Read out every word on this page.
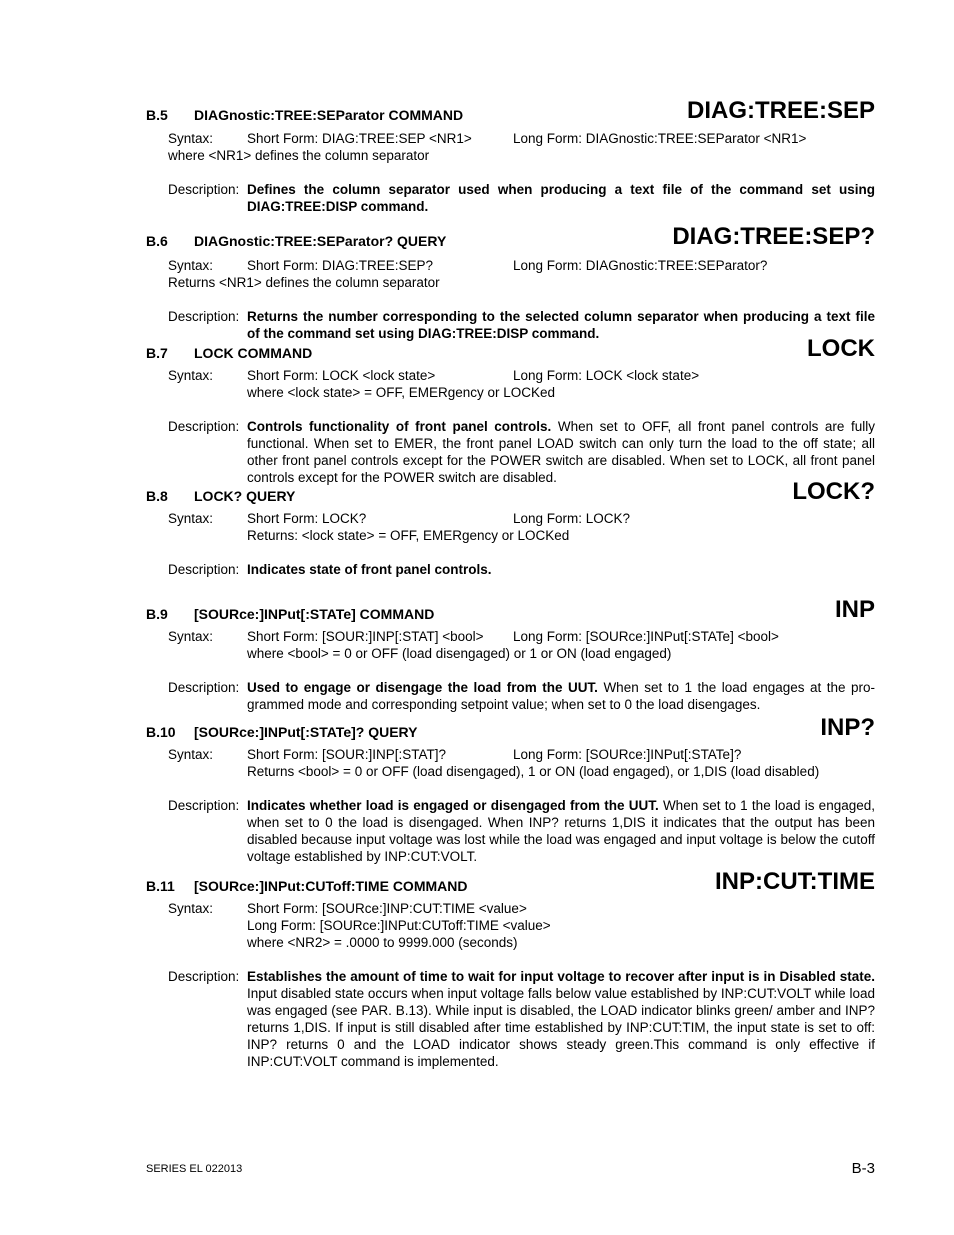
B.5 DIAGnostic:TREE:SEParator COMMAND	DIAG:TREE:SEP
Syntax:	Short Form: DIAG:TREE:SEP <NR1>	Long Form: DIAGnostic:TREE:SEParator <NR1>
where <NR1> defines the column separator
Description: Defines the column separator used when producing a text file of the command set using DIAG:TREE:DISP command.
B.6 DIAGnostic:TREE:SEParator? QUERY	DIAG:TREE:SEP?
Syntax:	Short Form: DIAG:TREE:SEP?	Long Form: DIAGnostic:TREE:SEParator?
Returns <NR1> defines the column separator
Description: Returns the number corresponding to the selected column separator when producing a text file of the command set using DIAG:TREE:DISP command.
B.7 LOCK COMMAND	LOCK
Syntax:	Short Form: LOCK <lock state>	Long Form: LOCK <lock state>
where <lock state> = OFF, EMERgency or LOCKed
Description: Controls functionality of front panel controls. When set to OFF, all front panel controls are fully functional. When set to EMER, the front panel LOAD switch can only turn the load to the off state; all other front panel controls except for the POWER switch are disabled. When set to LOCK, all front panel controls except for the POWER switch are disabled.
B.8 LOCK? QUERY	LOCK?
Syntax:	Short Form: LOCK?	Long Form: LOCK?
Returns: <lock state> = OFF, EMERgency or LOCKed
Description: Indicates state of front panel controls.
B.9 [SOURce:]INPut[:STATe] COMMAND	INP
Syntax:	Short Form: [SOUR:]INP[:STAT] <bool>	Long Form: [SOURce:]INPut[:STATe] <bool>
where <bool> = 0 or OFF (load disengaged) or 1 or ON (load engaged)
Description: Used to engage or disengage the load from the UUT. When set to 1 the load engages at the pro-grammed mode and corresponding setpoint value; when set to 0 the load disengages.
B.10 [SOURce:]INPut[:STATe]? QUERY	INP?
Syntax:	Short Form: [SOUR:]INP[:STAT]?	Long Form: [SOURce:]INPut[:STATe]?
Returns <bool> = 0 or OFF (load disengaged), 1 or ON (load engaged), or 1,DIS (load disabled)
Description: Indicates whether load is engaged or disengaged from the UUT. When set to 1 the load is engaged, when set to 0 the load is disengaged. When INP? returns 1,DIS it indicates that the output has been disabled because input voltage was lost while the load was engaged and input voltage is below the cutoff voltage established by INP:CUT:VOLT.
B.11 [SOURce:]INPut:CUToff:TIME COMMAND	INP:CUT:TIME
Syntax:	Short Form: [SOURce:]INP:CUT:TIME <value>
Long Form: [SOURce:]INPut:CUToff:TIME <value>
where <NR2> = .0000 to 9999.000 (seconds)
Description: Establishes the amount of time to wait for input voltage to recover after input is in Disabled state. Input disabled state occurs when input voltage falls below value established by INP:CUT:VOLT while load was engaged (see PAR. B.13). While input is disabled, the LOAD indicator blinks green/ amber and INP? returns 1,DIS. If input is still disabled after time established by INP:CUT:TIM, the input state is set to off: INP? returns 0 and the LOAD indicator shows steady green.This command is only effective if INP:CUT:VOLT command is implemented.
SERIES EL 022013	B-3
